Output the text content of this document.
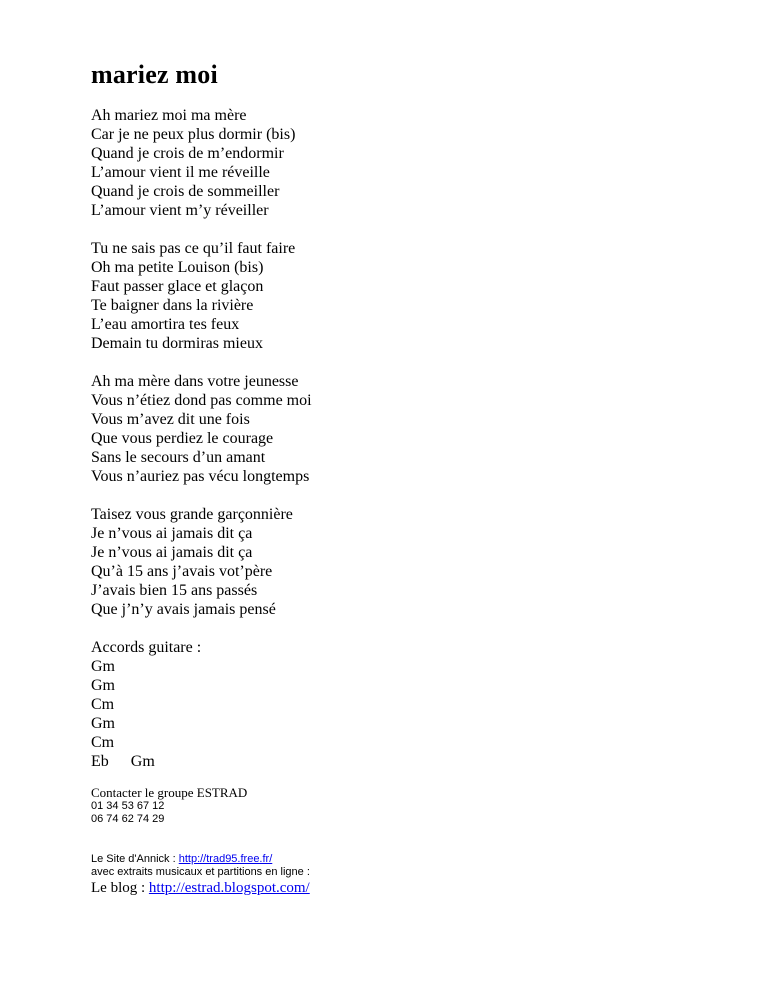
mariez moi
Ah mariez moi ma mère
Car je ne peux plus dormir (bis)
Quand je crois de m’endormir
L’amour vient il me réveille
Quand je crois de sommeiller
L’amour vient m’y réveiller
Tu ne sais pas ce qu’il faut faire
Oh ma petite Louison (bis)
Faut passer glace et glaçon
Te baigner dans la rivière
L’eau amortira tes feux
Demain tu dormiras mieux
Ah ma mère dans votre jeunesse
Vous n’étiez dond pas comme moi
Vous m’avez dit une fois
Que vous perdiez le courage
Sans le secours d’un amant
Vous n’auriez pas vécu longtemps
Taisez vous grande garçonnière
Je n’vous ai jamais dit ça
Je n’vous ai jamais dit ça
Qu’à 15 ans j’avais vot’père
J’avais bien 15 ans passés
Que j’n’y avais jamais pensé
Accords guitare :
Gm
Gm
Cm
Gm
Cm
Eb Gm
Contacter le groupe ESTRAD
01 34 53 67 12
06 74 62 74 29
Le Site d'Annick : http://trad95.free.fr/
avec extraits musicaux et partitions en ligne :
Le blog : http://estrad.blogspot.com/
